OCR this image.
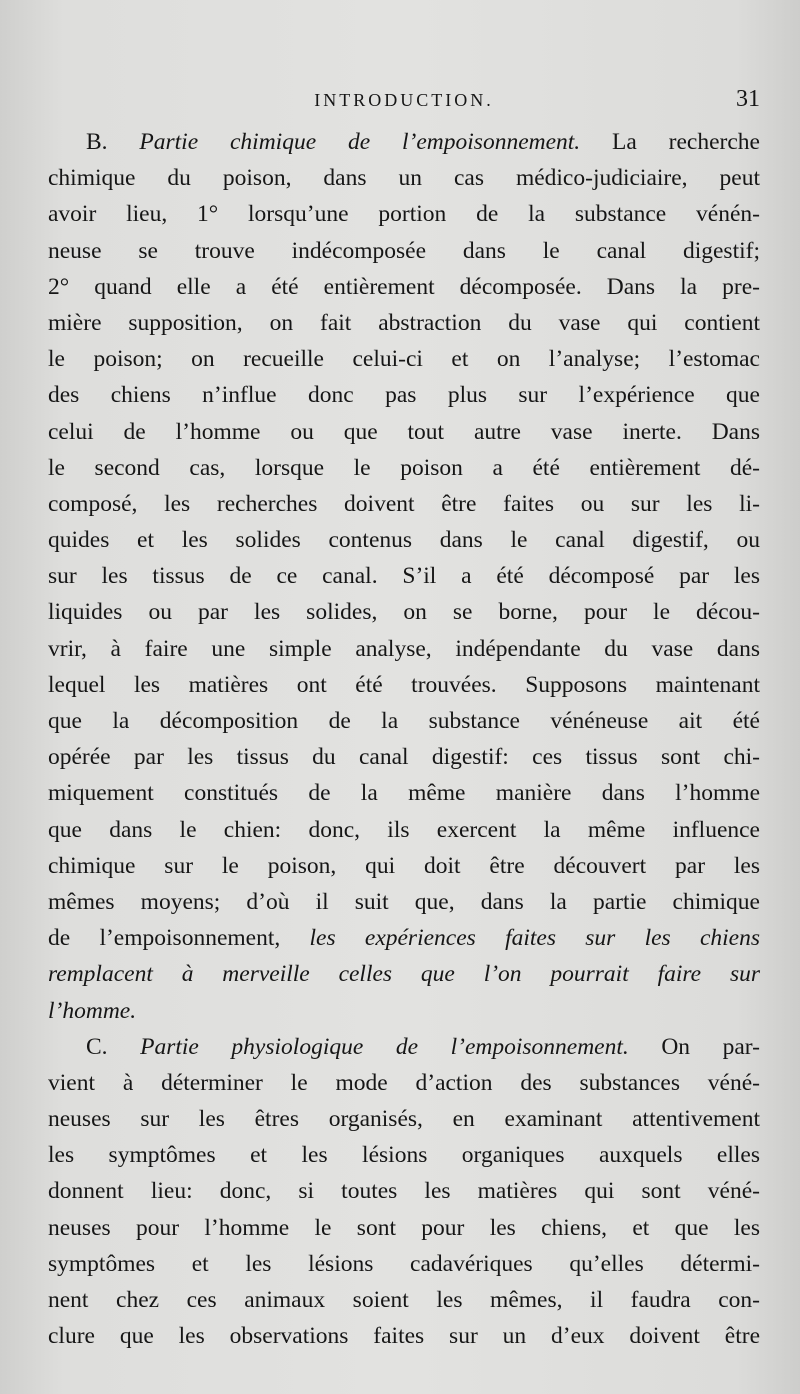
INTRODUCTION.	31
B. Partie chimique de l’empoisonnement. La recherche
chimique du poison, dans un cas médico-judiciaire, peut
avoir lieu, 1° lorsqu’une portion de la substance vénén-
neuse se trouve indécomposée dans le canal digestif;
2° quand elle a été entièrement décomposée. Dans la pre-
mière supposition, on fait abstraction du vase qui contient
le poison; on recueille celui-ci et on l’analyse; l’estomac
des chiens n’influe donc pas plus sur l’expérience que
celui de l’homme ou que tout autre vase inerte. Dans
le second cas, lorsque le poison a été entièrement dé-
composé, les recherches doivent être faites ou sur les li-
quides et les solides contenus dans le canal digestif, ou
sur les tissus de ce canal. S’il a été décomposé par les
liquides ou par les solides, on se borne, pour le décou-
vrir, à faire une simple analyse, indépendante du vase dans
lequel les matières ont été trouvées. Supposons maintenant
que la décomposition de la substance vénéneuse ait été
opérée par les tissus du canal digestif: ces tissus sont chi-
miquement constitués de la même manière dans l’homme
que dans le chien: donc, ils exercent la même influence
chimique sur le poison, qui doit être découvert par les
mêmes moyens; d’où il suit que, dans la partie chimique
de l’empoisonnement, les expériences faites sur les chiens
remplacent à merveille celles que l’on pourrait faire sur
l’homme.
C. Partie physiologique de l’empoisonnement. On par-
vient à déterminer le mode d’action des substances véné-
neuses sur les êtres organisés, en examinant attentivement
les symptômes et les lésions organiques auxquels elles
donnent lieu: donc, si toutes les matières qui sont véné-
neuses pour l’homme le sont pour les chiens, et que les
symptômes et les lésions cadavériques qu’elles détermi-
nent chez ces animaux soient les mêmes, il faudra con-
clure que les observations faites sur un d’eux doivent être
